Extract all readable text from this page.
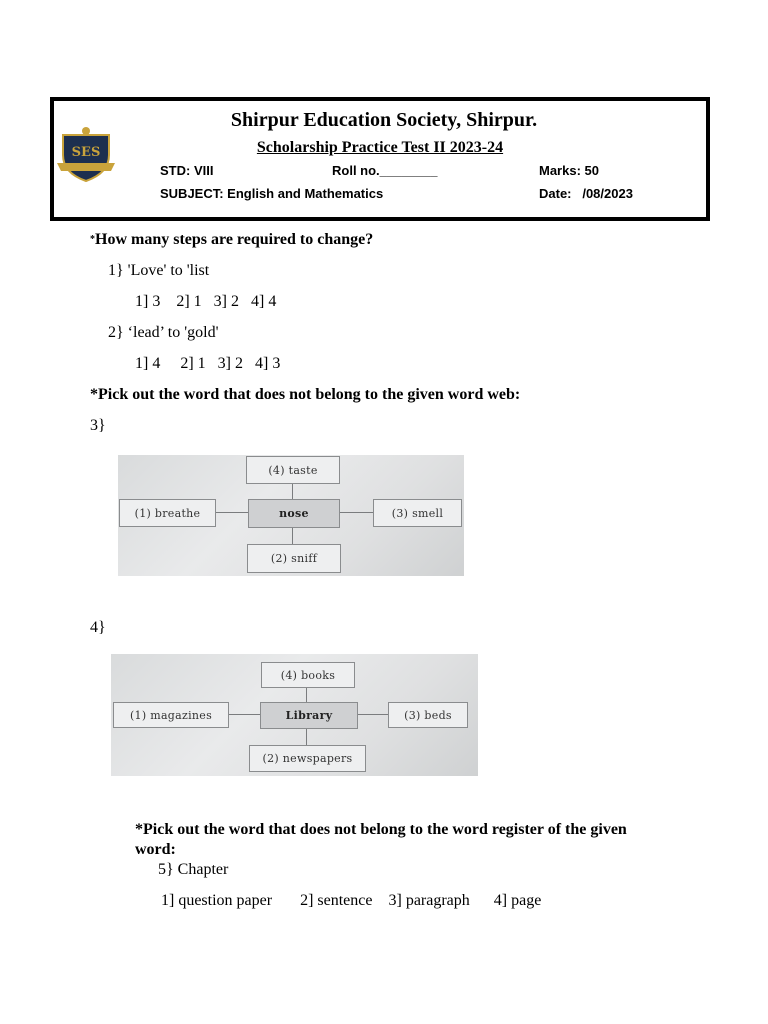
SES
Shirpur Education Society, Shirpur.
Scholarship Practice Test II 2023-24
STD: VIII	Roll no.________	Marks: 50
SUBJECT: English and Mathematics	Date:   /08/2023
*How many steps are required to change?
1} 'Love' to 'list
1] 3    2] 1   3] 2   4] 4
2} ‘lead’ to 'gold'
1] 4     2] 1   3] 2   4] 3
*Pick out the word that does not belong to the given word web:
3}
(4) taste
nose
(1) breathe	(3) smell
(2) sniff
4}
(4) books
Library
(1) magazines	(3) beds
(2) newspapers
*Pick out the word that does not belong to the word register of the given
word:
5} Chapter
1] question paper       2] sentence    3] paragraph      4] page
